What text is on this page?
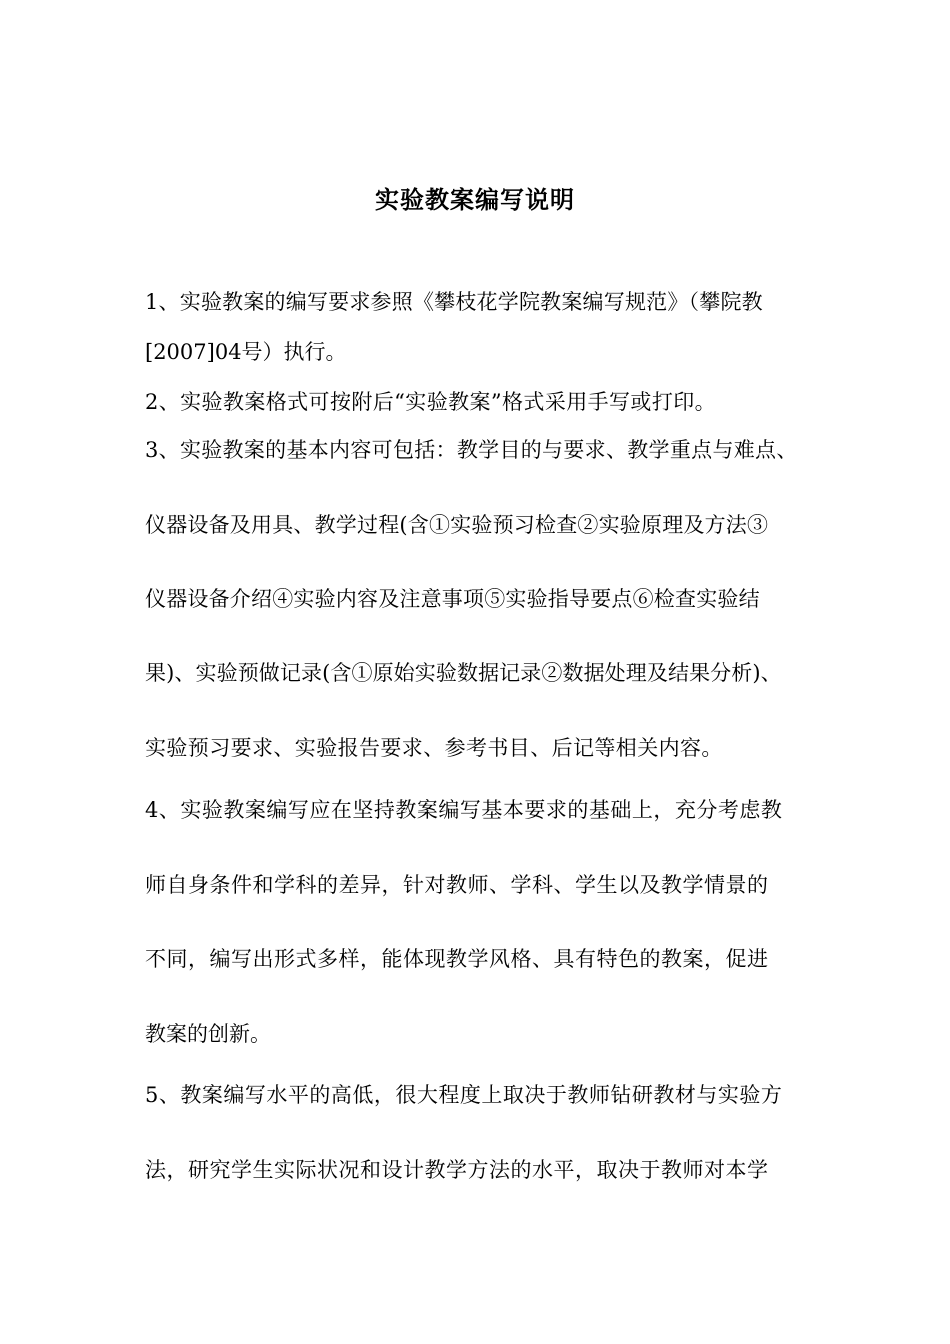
实验教案编写说明

1、实验教案的编写要求参照《攀枝花学院教案编写规范》（攀院教

[2007]04号）执行。

2、实验教案格式可按附后“实验教案”格式采用手写或打印。

3、实验教案的基本内容可包括：教学目的与要求、教学重点与难点、

仪器设备及用具、教学过程(含①实验预习检查②实验原理及方法③

仪器设备介绍④实验内容及注意事项⑤实验指导要点⑥检查实验结

果)、实验预做记录(含①原始实验数据记录②数据处理及结果分析)、

实验预习要求、实验报告要求、参考书目、后记等相关内容。

4、实验教案编写应在坚持教案编写基本要求的基础上，充分考虑教

师自身条件和学科的差异，针对教师、学科、学生以及教学情景的

不同，编写出形式多样，能体现教学风格、具有特色的教案，促进

教案的创新。

5、教案编写水平的高低，很大程度上取决于教师钻研教材与实验方

法，研究学生实际状况和设计教学方法的水平，取决于教师对本学
